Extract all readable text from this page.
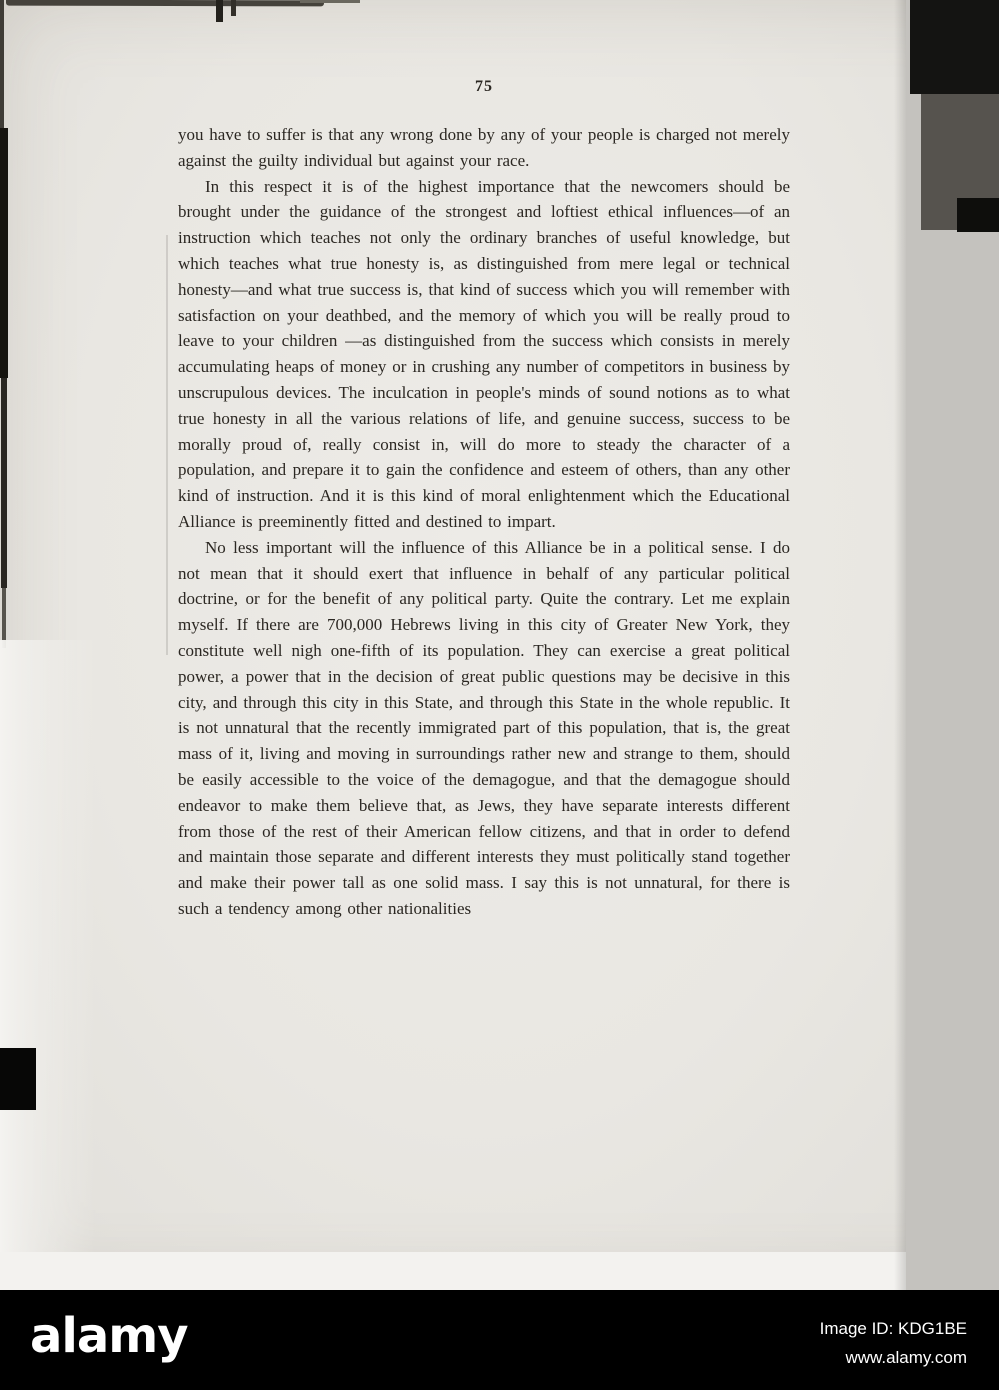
75

you have to suffer is that any wrong done by any of your people is charged not merely against the guilty individual but against your race.

In this respect it is of the highest importance that the newcomers should be brought under the guidance of the strongest and loftiest ethical influences—of an instruction which teaches not only the ordinary branches of useful knowledge, but which teaches what true honesty is, as distinguished from mere legal or technical honesty—and what true success is, that kind of success which you will remember with satisfaction on your deathbed, and the memory of which you will be really proud to leave to your children —as distinguished from the success which consists in merely accumulating heaps of money or in crushing any number of competitors in business by unscrupulous devices. The inculcation in people's minds of sound notions as to what true honesty in all the various relations of life, and genuine success, success to be morally proud of, really consist in, will do more to steady the character of a population, and prepare it to gain the confidence and esteem of others, than any other kind of instruction. And it is this kind of moral enlightenment which the Educational Alliance is preeminently fitted and destined to impart.

No less important will the influence of this Alliance be in a political sense. I do not mean that it should exert that influence in behalf of any particular political doctrine, or for the benefit of any political party. Quite the contrary. Let me explain myself. If there are 700,000 Hebrews living in this city of Greater New York, they constitute well nigh one-fifth of its population. They can exercise a great political power, a power that in the decision of great public questions may be decisive in this city, and through this city in this State, and through this State in the whole republic. It is not unnatural that the recently immigrated part of this population, that is, the great mass of it, living and moving in surroundings rather new and strange to them, should be easily accessible to the voice of the demagogue, and that the demagogue should endeavor to make them believe that, as Jews, they have separate interests different from those of the rest of their American fellow citizens, and that in order to defend and maintain those separate and different interests they must politically stand together and make their power tall as one solid mass. I say this is not unnatural, for there is such a tendency among other nationalities

alamy	Image ID: KDG1BE
www.alamy.com
